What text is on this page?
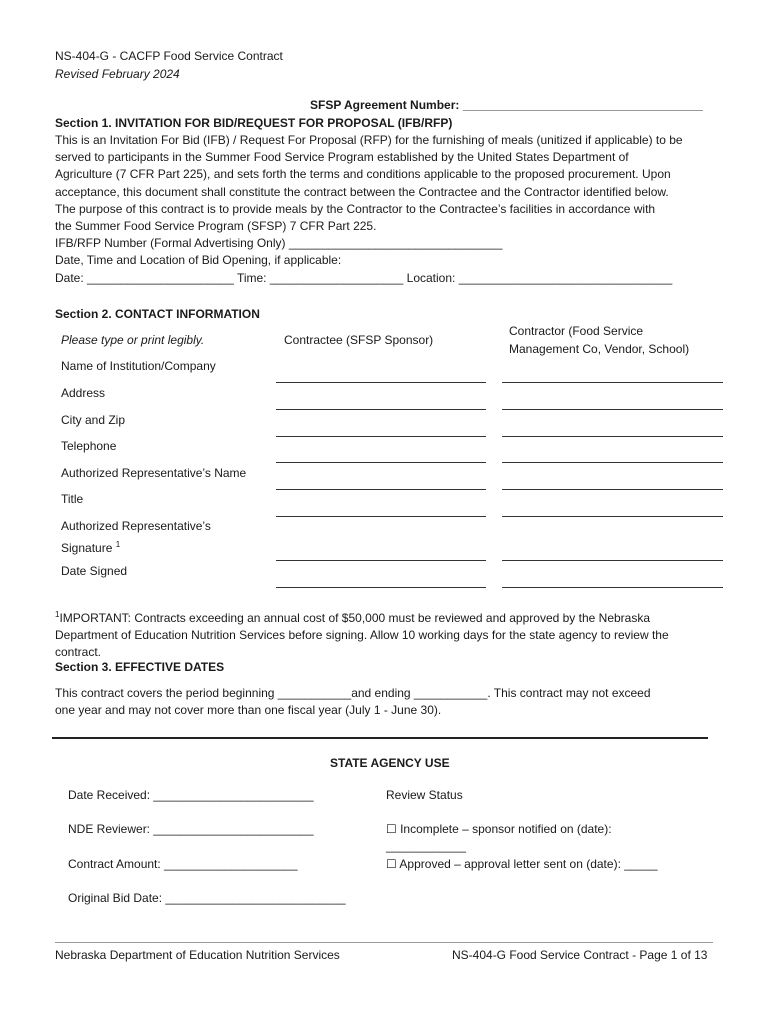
NS-404-G - CACFP Food Service Contract
Revised February 2024
SFSP Agreement Number: ____________________________________
Section 1. INVITATION FOR BID/REQUEST FOR PROPOSAL (IFB/RFP)
This is an Invitation For Bid (IFB) / Request For Proposal (RFP) for the furnishing of meals (unitized if applicable) to be
served to participants in the Summer Food Service Program established by the United States Department of
Agriculture (7 CFR Part 225), and sets forth the terms and conditions applicable to the proposed procurement. Upon
acceptance, this document shall constitute the contract between the Contractee and the Contractor identified below.
The purpose of this contract is to provide meals by the Contractor to the Contractee’s facilities in accordance with
the Summer Food Service Program (SFSP) 7 CFR Part 225.
IFB/RFP Number (Formal Advertising Only) ________________________________
Date, Time and Location of Bid Opening, if applicable:
Date: ______________________ Time: ____________________ Location: ________________________________
Section 2. CONTACT INFORMATION
Please type or print legibly.	Contractee (SFSP Sponsor)
Contractor (Food Service
Management Co, Vendor, School)
Name of Institution/Company
Address
City and Zip
Telephone
Authorized Representative’s Name
Title
Authorized Representative’s
Signature $^1$
Date Signed
$^1$IMPORTANT: Contracts exceeding an annual cost of $50,000 must be reviewed and approved by the Nebraska
Department of Education Nutrition Services before signing. Allow 10 working days for the state agency to review the
contract.
Section 3. EFFECTIVE DATES
This contract covers the period beginning ___________and ending ___________. This contract may not exceed
one year and may not cover more than one fiscal year (July 1 - June 30).
STATE AGENCY USE
Date Received: ________________________
NDE Reviewer: ________________________
Contract Amount: ____________________
Original Bid Date: ___________________________
Review Status
☐ Incomplete – sponsor notified on (date):
____________
☐ Approved – approval letter sent on (date): _____
Nebraska Department of Education Nutrition Services	NS-404-G Food Service Contract - Page 1 of 13
